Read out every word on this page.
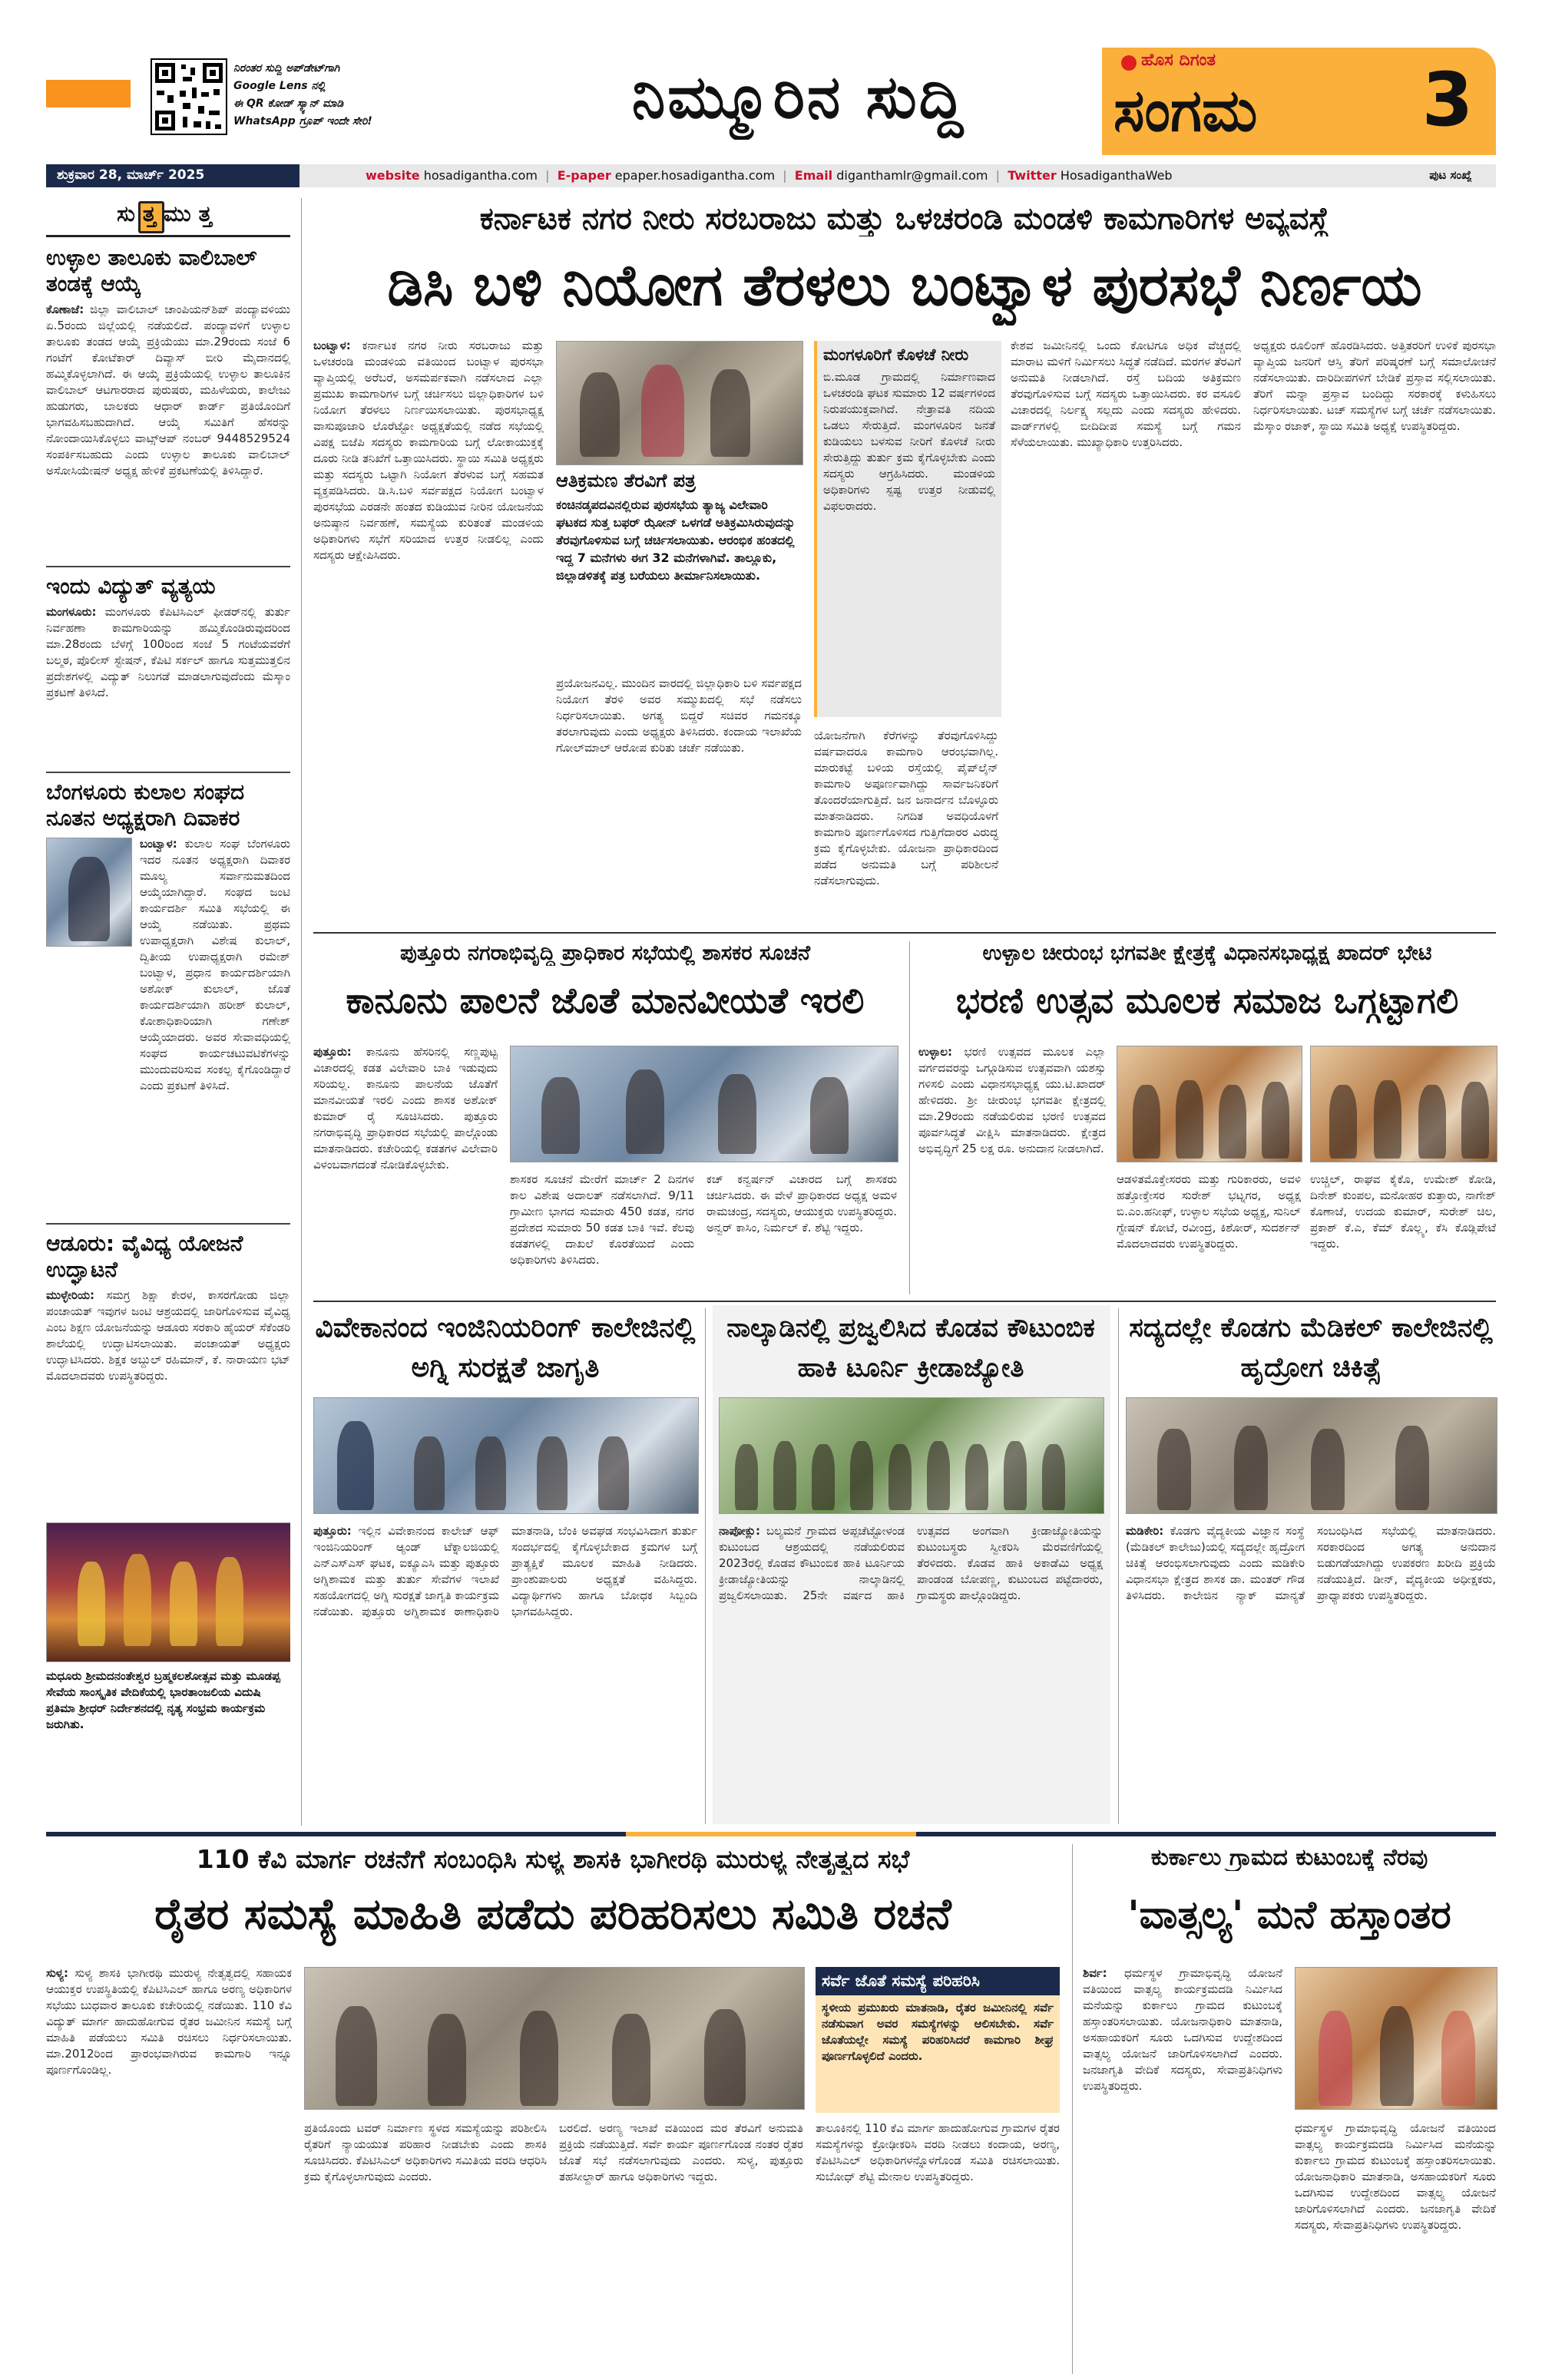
ನಿರಂತರ ಸುದ್ದಿ ಅಪ್‌ಡೇಟ್‌ಗಾಗಿ
Google Lens ನಲ್ಲಿ
ಈ QR ಕೋಡ್ ಸ್ಕ್ಯಾನ್ ಮಾಡಿ
WhatsApp ಗ್ರೂಪ್ ಇಂದೇ ಸೇರಿ!	ನಿಮ್ಮೂರಿನ ಸುದ್ದಿ
ಹೊಸ ದಿಗಂತ
ಸಂಗಮ	3
ಶುಕ್ರವಾರ 28, ಮಾರ್ಚ್ 2025	website hosadigantha.com  |  E-paper epaper.hosadigantha.com  |  Email diganthamlr@gmail.com  |  Twitter HosadiganthaWeb	ಪುಟ ಸಂಖ್ಯೆ
ಸುತ್ತಮುತ್ತ
ಉಳ್ಳಾಲ ತಾಲೂಕು ವಾಲಿಬಾಲ್ ತಂಡಕ್ಕೆ ಆಯ್ಕೆ
ಕೊಣಾಜೆ: ಜಿಲ್ಲಾ ವಾಲಿಬಾಲ್ ಚಾಂಪಿಯನ್‌ಶಿಪ್ ಪಂದ್ಯಾವಳಿಯು ಏ.5ರಂದು ಜಿಲ್ಲೆಯಲ್ಲಿ ನಡೆಯಲಿದೆ. ಪಂದ್ಯಾವಳಿಗೆ ಉಳ್ಳಾಲ ತಾಲೂಕು ತಂಡದ ಆಯ್ಕೆ ಪ್ರಕ್ರಿಯೆಯು ಮಾ.29ರಂದು ಸಂಜೆ 6 ಗಂಟೆಗೆ ಕೋಟೆಕಾರ್ ದಿವ್ಯಾಸ್ ಬೀರಿ ಮೈದಾನದಲ್ಲಿ ಹಮ್ಮಿಕೊಳ್ಳಲಾಗಿದೆ. ಈ ಆಯ್ಕೆ ಪ್ರಕ್ರಿಯೆಯಲ್ಲಿ ಉಳ್ಳಾಲ ತಾಲೂಕಿನ ವಾಲಿಬಾಲ್ ಆಟಗಾರರಾದ ಪುರುಷರು, ಮಹಿಳೆಯರು, ಕಾಲೇಜು ಹುಡುಗರು, ಬಾಲಕರು ಆಧಾರ್ ಕಾರ್ಡ್ ಪ್ರತಿಯೊಂದಿಗೆ ಭಾಗವಹಿಸಬಹುದಾಗಿದೆ. ಆಯ್ಕೆ ಸಮಿತಿಗೆ ಹೆಸರನ್ನು ನೋಂದಾಯಿಸಿಕೊಳ್ಳಲು ವಾಟ್ಸ್‌ಆಪ್ ನಂಬರ್ 9448529524 ಸಂಪರ್ಕಿಸಬಹುದು ಎಂದು ಉಳ್ಳಾಲ ತಾಲೂಕು ವಾಲಿಬಾಲ್ ಅಸೋಸಿಯೇಷನ್ ಅಧ್ಯಕ್ಷ ಹೇಳಿಕೆ ಪ್ರಕಟಣೆಯಲ್ಲಿ ತಿಳಿಸಿದ್ದಾರೆ.
ಇಂದು ವಿದ್ಯುತ್ ವ್ಯತ್ಯಯ
ಮಂಗಳೂರು: ಮಂಗಳೂರು ಕೆಪಿಟಿಸಿಎಲ್ ಫೀಡರ್‌ನಲ್ಲಿ ತುರ್ತು ನಿರ್ವಹಣಾ ಕಾಮಗಾರಿಯನ್ನು ಹಮ್ಮಿಕೊಂಡಿರುವುದರಿಂದ ಮಾ.28ರಂದು ಬೆಳಗ್ಗೆ 100ರಿಂದ ಸಂಜೆ 5 ಗಂಟೆಯವರೆಗೆ ಬಲ್ಮಠ, ಪೊಲೀಸ್ ಸ್ಟೇಷನ್, ಕೆಪಿಟಿ ಸರ್ಕಲ್ ಹಾಗೂ ಸುತ್ತಮುತ್ತಲಿನ ಪ್ರದೇಶಗಳಲ್ಲಿ ವಿದ್ಯುತ್ ನಿಲುಗಡೆ ಮಾಡಲಾಗುವುದೆಂದು ಮೆಸ್ಕಾಂ ಪ್ರಕಟಣೆ ತಿಳಿಸಿದೆ.
ಬೆಂಗಳೂರು ಕುಲಾಲ ಸಂಘದ ನೂತನ ಅಧ್ಯಕ್ಷರಾಗಿ ದಿವಾಕರ
ಬಂಟ್ವಾಳ: ಕುಲಾಲ ಸಂಘ ಬೆಂಗಳೂರು ಇದರ ನೂತನ ಅಧ್ಯಕ್ಷರಾಗಿ ದಿವಾಕರ ಮೂಲ್ಯ ಸರ್ವಾನುಮತದಿಂದ ಆಯ್ಕೆಯಾಗಿದ್ದಾರೆ. ಸಂಘದ ಜಂಟಿ ಕಾರ್ಯದರ್ಶಿ ಸಮಿತಿ ಸಭೆಯಲ್ಲಿ ಈ ಆಯ್ಕೆ ನಡೆಯಿತು. ಪ್ರಥಮ ಉಪಾಧ್ಯಕ್ಷರಾಗಿ ವಿಶೇಷ ಕುಲಾಲ್, ದ್ವಿತೀಯ ಉಪಾಧ್ಯಕ್ಷರಾಗಿ ರಮೇಶ್ ಬಂಟ್ವಾಳ, ಪ್ರಧಾನ ಕಾರ್ಯದರ್ಶಿಯಾಗಿ ಅಶೋಕ್ ಕುಲಾಲ್, ಜೊತೆ ಕಾರ್ಯದರ್ಶಿಯಾಗಿ ಹರೀಶ್ ಕುಲಾಲ್, ಕೋಶಾಧಿಕಾರಿಯಾಗಿ ಗಣೇಶ್ ಆಯ್ಕೆಯಾದರು. ಅವರ ಸೇವಾವಧಿಯಲ್ಲಿ ಸಂಘದ ಕಾರ್ಯಚಟುವಟಿಕೆಗಳನ್ನು ಮುಂದುವರಿಸುವ ಸಂಕಲ್ಪ ಕೈಗೊಂಡಿದ್ದಾರೆ ಎಂದು ಪ್ರಕಟಣೆ ತಿಳಿಸಿದೆ.
ಆಡೂರು: ವೈವಿಧ್ಯ ಯೋಜನೆ ಉದ್ಘಾಟನೆ
ಮುಳ್ಳೇರಿಯ: ಸಮಗ್ರ ಶಿಕ್ಷಾ ಕೇರಳ, ಕಾಸರಗೋಡು ಜಿಲ್ಲಾ ಪಂಚಾಯತ್ ಇವುಗಳ ಜಂಟಿ ಆಶ್ರಯದಲ್ಲಿ ಜಾರಿಗೊಳಿಸುವ ವೈವಿಧ್ಯ ಎಂಬ ಶಿಕ್ಷಣ ಯೋಜನೆಯನ್ನು ಆಡೂರು ಸರಕಾರಿ ಹೈಯರ್ ಸೆಕೆಂಡರಿ ಶಾಲೆಯಲ್ಲಿ ಉದ್ಘಾಟಿಸಲಾಯಿತು. ಪಂಚಾಯತ್ ಅಧ್ಯಕ್ಷರು ಉದ್ಘಾಟಿಸಿದರು. ಶಿಕ್ಷಕ ಅಬ್ದುಲ್ ರಹಿಮಾನ್, ಕೆ. ನಾರಾಯಣ ಭಟ್ ಮೊದಲಾದವರು ಉಪಸ್ಥಿತರಿದ್ದರು.
ಮಧೂರು ಶ್ರೀಮದನಂತೇಶ್ವರ ಬ್ರಹ್ಮಕಲಶೋತ್ಸವ ಮತ್ತು ಮೂಡಪ್ಪ ಸೇವೆಯ ಸಾಂಸ್ಕೃತಿಕ ವೇದಿಕೆಯಲ್ಲಿ ಭಾರತಾಂಜಲಿಯ ವಿದುಷಿ ಪ್ರತಿಮಾ ಶ್ರೀಧರ್ ನಿರ್ದೇಶನದಲ್ಲಿ ನೃತ್ಯ ಸಂಭ್ರಮ ಕಾರ್ಯಕ್ರಮ ಜರುಗಿತು.
ಕರ್ನಾಟಕ ನಗರ ನೀರು ಸರಬರಾಜು ಮತ್ತು ಒಳಚರಂಡಿ ಮಂಡಳಿ ಕಾಮಗಾರಿಗಳ ಅವ್ಯವಸ್ಥೆ
ಡಿಸಿ ಬಳಿ ನಿಯೋಗ ತೆರಳಲು ಬಂಟ್ವಾಳ ಪುರಸಭೆ ನಿರ್ಣಯ
ಬಂಟ್ವಾಳ: ಕರ್ನಾಟಕ ನಗರ ನೀರು ಸರಬರಾಜು ಮತ್ತು ಒಳಚರಂಡಿ ಮಂಡಳಿಯ ವತಿಯಿಂದ ಬಂಟ್ವಾಳ ಪುರಸಭಾ ವ್ಯಾಪ್ತಿಯಲ್ಲಿ ಅರೆಬರೆ, ಅಸಮರ್ಪಕವಾಗಿ ನಡೆಸಲಾದ ಎಲ್ಲಾ ಪ್ರಮುಖ ಕಾಮಗಾರಿಗಳ ಬಗ್ಗೆ ಚರ್ಚಿಸಲು ಜಿಲ್ಲಾಧಿಕಾರಿಗಳ ಬಳಿ ನಿಯೋಗ ತೆರಳಲು ನಿರ್ಣಯಿಸಲಾಯಿತು. ಪುರಸಭಾಧ್ಯಕ್ಷ ವಾಸುಪೂಜಾರಿ ಲೊರೆಟ್ಟೋ ಅಧ್ಯಕ್ಷತೆಯಲ್ಲಿ ನಡೆದ ಸಭೆಯಲ್ಲಿ ವಿಪಕ್ಷ ಬಿಜೆಪಿ ಸದಸ್ಯರು ಕಾಮಗಾರಿಯ ಬಗ್ಗೆ ಲೋಕಾಯುಕ್ತಕ್ಕೆ ದೂರು ನೀಡಿ ತನಿಖೆಗೆ ಒತ್ತಾಯಿಸಿದರು. ಸ್ಥಾಯಿ ಸಮಿತಿ ಅಧ್ಯಕ್ಷರು ಮತ್ತು ಸದಸ್ಯರು ಒಟ್ಟಾಗಿ ನಿಯೋಗ ತೆರಳುವ ಬಗ್ಗೆ ಸಹಮತ ವ್ಯಕ್ತಪಡಿಸಿದರು. ಡಿ.ಸಿ.ಬಳಿ ಸರ್ವಪಕ್ಷದ ನಿಯೋಗ ಬಂಟ್ವಾಳ ಪುರಸಭೆಯ ಎರಡನೇ ಹಂತದ ಕುಡಿಯುವ ನೀರಿನ ಯೋಜನೆಯ ಅನುಷ್ಠಾನ ನಿರ್ವಹಣೆ, ಸಮಸ್ಯೆಯ ಕುರಿತಂತೆ ಮಂಡಳಿಯ ಅಧಿಕಾರಿಗಳು ಸಭೆಗೆ ಸರಿಯಾದ ಉತ್ತರ ನೀಡಲಿಲ್ಲ ಎಂದು ಸದಸ್ಯರು ಆಕ್ಷೇಪಿಸಿದರು.
ಆತಿಕ್ರಮಣ ತೆರವಿಗೆ ಪತ್ರ
ಕಂಚಿನಡ್ಕಪದವಿನಲ್ಲಿರುವ ಪುರಸಭೆಯ ತ್ಯಾಜ್ಯ ವಿಲೇವಾರಿ ಘಟಕದ ಸುತ್ತ ಬಫರ್ ಝೋನ್ ಒಳಗಡೆ ಅತಿಕ್ರಮಿಸಿರುವುದನ್ನು ತೆರವುಗೊಳಿಸುವ ಬಗ್ಗೆ ಚರ್ಚಿಸಲಾಯಿತು. ಆರಂಭಿಕ ಹಂತದಲ್ಲಿ ಇದ್ದ 7 ಮನೆಗಳು ಈಗ 32 ಮನೆಗಳಾಗಿವೆ. ತಾಲ್ಲೂಕು, ಜಿಲ್ಲಾಡಳಿತಕ್ಕೆ ಪತ್ರ ಬರೆಯಲು ತೀರ್ಮಾನಿಸಲಾಯಿತು.
ಪ್ರಯೋಜನವಿಲ್ಲ. ಮುಂದಿನ ವಾರದಲ್ಲಿ ಜಿಲ್ಲಾಧಿಕಾರಿ ಬಳಿ ಸರ್ವಪಕ್ಷದ ನಿಯೋಗ ತೆರಳಿ ಅವರ ಸಮ್ಮುಖದಲ್ಲಿ ಸಭೆ ನಡೆಸಲು ನಿರ್ಧರಿಸಲಾಯಿತು. ಅಗತ್ಯ ಬಿದ್ದರೆ ಸಚಿವರ ಗಮನಕ್ಕೂ ತರಲಾಗುವುದು ಎಂದು ಅಧ್ಯಕ್ಷರು ತಿಳಿಸಿದರು. ಕಂದಾಯ ಇಲಾಖೆಯ ಗೋಲ್‌ಮಾಲ್ ಆರೋಪ ಕುರಿತು ಚರ್ಚೆ ನಡೆಯಿತು.
ಮಂಗಳೂರಿಗೆ ಕೊಳಚೆ ನೀರು
ಬಿ.ಮೂಡ ಗ್ರಾಮದಲ್ಲಿ ನಿರ್ಮಾಣವಾದ ಒಳಚರಂಡಿ ಘಟಕ ಸುಮಾರು 12 ವರ್ಷಗಳಿಂದ ನಿರುಪಯುಕ್ತವಾಗಿದೆ. ನೇತ್ರಾವತಿ ನದಿಯ ಒಡಲು ಸೇರುತ್ತಿದೆ. ಮಂಗಳೂರಿನ ಜನತೆ ಕುಡಿಯಲು ಬಳಸುವ ನೀರಿಗೆ ಕೊಳಚೆ ನೀರು ಸೇರುತ್ತಿದ್ದು ತುರ್ತು ಕ್ರಮ ಕೈಗೊಳ್ಳಬೇಕು ಎಂದು ಸದಸ್ಯರು ಆಗ್ರಹಿಸಿದರು. ಮಂಡಳಿಯ ಅಧಿಕಾರಿಗಳು ಸ್ಪಷ್ಟ ಉತ್ತರ ನೀಡುವಲ್ಲಿ ವಿಫಲರಾದರು.
ಯೋಜನೆಗಾಗಿ ಕೆರೆಗಳನ್ನು ತೆರವುಗೊಳಿಸಿದ್ದು ವರ್ಷವಾದರೂ ಕಾಮಗಾರಿ ಆರಂಭವಾಗಿಲ್ಲ. ಮಾರುಕಟ್ಟೆ ಬಳಿಯ ರಸ್ತೆಯಲ್ಲಿ ಪೈಪ್‌ಲೈನ್ ಕಾಮಗಾರಿ ಅಪೂರ್ಣವಾಗಿದ್ದು ಸಾರ್ವಜನಿಕರಿಗೆ ತೊಂದರೆಯಾಗುತ್ತಿದೆ. ಜನ ಜನಾರ್ದನ ಬೊಳ್ಳೂರು ಮಾತನಾಡಿದರು. ನಿಗದಿತ ಅವಧಿಯೊಳಗೆ ಕಾಮಗಾರಿ ಪೂರ್ಣಗೊಳಿಸದ ಗುತ್ತಿಗೆದಾರರ ವಿರುದ್ಧ ಕ್ರಮ ಕೈಗೊಳ್ಳಬೇಕು. ಯೋಜನಾ ಪ್ರಾಧಿಕಾರದಿಂದ ಪಡೆದ ಅನುಮತಿ ಬಗ್ಗೆ ಪರಿಶೀಲನೆ ನಡೆಸಲಾಗುವುದು.
ಕೇಶವ ಜಮೀನಿನಲ್ಲಿ ಒಂದು ಕೋಟಿಗೂ ಅಧಿಕ ವೆಚ್ಚದಲ್ಲಿ ಮಾರಾಟ ಮಳಿಗೆ ನಿರ್ಮಿಸಲು ಸಿದ್ಧತೆ ನಡೆದಿದೆ. ಮರಗಳ ತೆರವಿಗೆ ಅನುಮತಿ ನೀಡಲಾಗಿದೆ. ರಸ್ತೆ ಬದಿಯ ಅತಿಕ್ರಮಣ ತೆರವುಗೊಳಿಸುವ ಬಗ್ಗೆ ಸದಸ್ಯರು ಒತ್ತಾಯಿಸಿದರು. ಕರ ವಸೂಲಿ ವಿಚಾರದಲ್ಲಿ ನಿರ್ಲಕ್ಷ್ಯ ಸಲ್ಲದು ಎಂದು ಸದಸ್ಯರು ಹೇಳಿದರು. ವಾರ್ಡ್‌ಗಳಲ್ಲಿ ಬೀದಿದೀಪ ಸಮಸ್ಯೆ ಬಗ್ಗೆ ಗಮನ ಸೆಳೆಯಲಾಯಿತು. ಮುಖ್ಯಾಧಿಕಾರಿ ಉತ್ತರಿಸಿದರು.
ಅಧ್ಯಕ್ಷರು ರೂಲಿಂಗ್ ಹೊರಡಿಸಿದರು. ಅತ್ತಿತರರಿಗೆ ಉಳಿಕೆ ಪುರಸಭಾ ವ್ಯಾಪ್ತಿಯ ಜನರಿಗೆ ಆಸ್ತಿ ತೆರಿಗೆ ಪರಿಷ್ಕರಣೆ ಬಗ್ಗೆ ಸಮಾಲೋಚನೆ ನಡೆಸಲಾಯಿತು. ದಾರಿದೀಪಗಳಿಗೆ ಬೇಡಿಕೆ ಪ್ರಸ್ತಾವ ಸಲ್ಲಿಸಲಾಯಿತು. ತೆರಿಗೆ ಮನ್ನಾ ಪ್ರಸ್ತಾವ ಬಂದಿದ್ದು ಸರಕಾರಕ್ಕೆ ಕಳುಹಿಸಲು ನಿರ್ಧರಿಸಲಾಯಿತು. ಟಚ್ ಸಮಸ್ಯೆಗಳ ಬಗ್ಗೆ ಚರ್ಚೆ ನಡೆಸಲಾಯಿತು. ಮೆಸ್ಕಾಂ ರಜಾಕ್, ಸ್ಥಾಯಿ ಸಮಿತಿ ಅಧ್ಯಕ್ಷೆ ಉಪಸ್ಥಿತರಿದ್ದರು.
ಪುತ್ತೂರು ನಗರಾಭಿವೃದ್ಧಿ ಪ್ರಾಧಿಕಾರ ಸಭೆಯಲ್ಲಿ ಶಾಸಕರ ಸೂಚನೆ
ಕಾನೂನು ಪಾಲನೆ ಜೊತೆ ಮಾನವೀಯತೆ ಇರಲಿ
ಪುತ್ತೂರು: ಕಾನೂನು ಹೆಸರಿನಲ್ಲಿ ಸಣ್ಣಪುಟ್ಟ ವಿಚಾರದಲ್ಲಿ ಕಡತ ವಿಲೇವಾರಿ ಬಾಕಿ ಇಡುವುದು ಸರಿಯಲ್ಲ. ಕಾನೂನು ಪಾಲನೆಯ ಜೊತೆಗೆ ಮಾನವೀಯತೆ ಇರಲಿ ಎಂದು ಶಾಸಕ ಅಶೋಕ್ ಕುಮಾರ್ ರೈ ಸೂಚಿಸಿದರು. ಪುತ್ತೂರು ನಗರಾಭಿವೃದ್ಧಿ ಪ್ರಾಧಿಕಾರದ ಸಭೆಯಲ್ಲಿ ಪಾಲ್ಗೊಂಡು ಮಾತನಾಡಿದರು. ಕಚೇರಿಯಲ್ಲಿ ಕಡತಗಳ ವಿಲೇವಾರಿ ವಿಳಂಬವಾಗದಂತೆ ನೋಡಿಕೊಳ್ಳಬೇಕು.
ಶಾಸಕರ ಸೂಚನೆ ಮೇರೆಗೆ ಮಾರ್ಚ್ 2 ದಿನಗಳ ಕಾಲ ವಿಶೇಷ ಅದಾಲತ್ ನಡೆಸಲಾಗಿದೆ. 9/11 ಗ್ರಾಮೀಣ ಭಾಗದ ಸುಮಾರು 450 ಕಡತ, ನಗರ ಪ್ರದೇಶದ ಸುಮಾರು 50 ಕಡತ ಬಾಕಿ ಇವೆ. ಕೆಲವು ಕಡತಗಳಲ್ಲಿ ದಾಖಲೆ ಕೊರತೆಯಿದೆ ಎಂದು ಅಧಿಕಾರಿಗಳು ತಿಳಿಸಿದರು.
ಕಚ್ ಕನ್ವರ್ಷನ್ ವಿಚಾರದ ಬಗ್ಗೆ ಶಾಸಕರು ಚರ್ಚಿಸಿದರು. ಈ ವೇಳೆ ಪ್ರಾಧಿಕಾರದ ಅಧ್ಯಕ್ಷ ಅಮಳ ರಾಮಚಂದ್ರ, ಸದಸ್ಯರು, ಆಯುಕ್ತರು ಉಪಸ್ಥಿತರಿದ್ದರು. ಅನ್ವರ್ ಕಾಸಿಂ, ನಿರ್ಮಲ್ ಕೆ. ಶೆಟ್ಟಿ ಇದ್ದರು.
ಉಳ್ಳಾಲ ಚೀರುಂಭ ಭಗವತೀ ಕ್ಷೇತ್ರಕ್ಕೆ ವಿಧಾನಸಭಾಧ್ಯಕ್ಷ ಖಾದರ್ ಭೇಟಿ
ಭರಣಿ ಉತ್ಸವ ಮೂಲಕ ಸಮಾಜ ಒಗ್ಗಟ್ಟಾಗಲಿ
ಉಳ್ಳಾಲ: ಭರಣಿ ಉತ್ಸವದ ಮೂಲಕ ಎಲ್ಲಾ ವರ್ಗದವರನ್ನು ಒಗ್ಗೂಡಿಸುವ ಉತ್ಸವವಾಗಿ ಯಶಸ್ಸು ಗಳಿಸಲಿ ಎಂದು ವಿಧಾನಸಭಾಧ್ಯಕ್ಷ ಯು.ಟಿ.ಖಾದರ್ ಹೇಳಿದರು. ಶ್ರೀ ಚೀರುಂಭ ಭಗವತೀ ಕ್ಷೇತ್ರದಲ್ಲಿ ಮಾ.29ರಂದು ನಡೆಯಲಿರುವ ಭರಣಿ ಉತ್ಸವದ ಪೂರ್ವಸಿದ್ಧತೆ ವೀಕ್ಷಿಸಿ ಮಾತನಾಡಿದರು. ಕ್ಷೇತ್ರದ ಅಭಿವೃದ್ಧಿಗೆ 25 ಲಕ್ಷ ರೂ. ಅನುದಾನ ನೀಡಲಾಗಿದೆ.
ಆಡಳಿತಮೊಕ್ತೇಸರರು ಮತ್ತು ಗುರಿಕಾರರು, ಅವಳಿ ಹತ್ತೋಕ್ತೇಸರ ಸುರೇಶ್ ಭಟ್ನಗರ, ಅಧ್ಯಕ್ಷ ಬಿ.ಎಂ.ಹನೀಫ್, ಉಳ್ಳಾಲ ಸಭೆಯ ಅಧ್ಯಕ್ಷ, ಸುನಿಲ್ ಗ್ಟೇಷನ್ ಕೋಟೆ, ರವೀಂದ್ರ, ಕಿಶೋರ್, ಸುದರ್ಶನ್ ಮೊದಲಾದವರು ಉಪಸ್ಥಿತರಿದ್ದರು.
ಉಚ್ಚಿಲ್, ರಾಘವ ಕೈಕೊ, ಉಮೇಶ್ ಕೋಡಿ, ದಿನೇಶ್ ಕುಂಪಲ, ಮನೋಹರ ಕುತ್ತಾರು, ನಾಗೇಶ್ ಕೊಣಾಜೆ, ಉದಯ ಕುಮಾರ್, ಸುರೇಶ್ ಚಿಲ, ಪ್ರಕಾಶ್ ಕೆ.ಎ, ಕೆಮ್ ಕೊಲ್ಲ್ಯ, ಕೆಸಿ ಕೊಡ್ಲಿಪೇಟೆ ಇದ್ದರು.
ವಿವೇಕಾನಂದ ಇಂಜಿನಿಯರಿಂಗ್ ಕಾಲೇಜಿನಲ್ಲಿ ಅಗ್ನಿ ಸುರಕ್ಷತೆ ಜಾಗೃತಿ
ಪುತ್ತೂರು: ಇಲ್ಲಿನ ವಿವೇಕಾನಂದ ಕಾಲೇಜ್ ಆಫ್ ಇಂಜಿನಿಯರಿಂಗ್ ಆ್ಯಂಡ್ ಟೆಕ್ನಾಲಜಿಯಲ್ಲಿ ಎನ್‌ಎಸ್‌ಎಸ್ ಘಟಕ, ಐಕ್ಯೂಎಸಿ ಮತ್ತು ಪುತ್ತೂರು ಅಗ್ನಿಶಾಮಕ ಮತ್ತು ತುರ್ತು ಸೇವೆಗಳ ಇಲಾಖೆ ಸಹಯೋಗದಲ್ಲಿ ಅಗ್ನಿ ಸುರಕ್ಷತೆ ಜಾಗೃತಿ ಕಾರ್ಯಕ್ರಮ ನಡೆಯಿತು. ಪುತ್ತೂರು ಅಗ್ನಿಶಾಮಕ ಠಾಣಾಧಿಕಾರಿ ಮಾತನಾಡಿ, ಬೆಂಕಿ ಅವಘಡ ಸಂಭವಿಸಿದಾಗ ತುರ್ತು ಸಂದರ್ಭದಲ್ಲಿ ಕೈಗೊಳ್ಳಬೇಕಾದ ಕ್ರಮಗಳ ಬಗ್ಗೆ ಪ್ರಾತ್ಯಕ್ಷಿಕೆ ಮೂಲಕ ಮಾಹಿತಿ ನೀಡಿದರು. ಪ್ರಾಂಶುಪಾಲರು ಅಧ್ಯಕ್ಷತೆ ವಹಿಸಿದ್ದರು. ವಿದ್ಯಾರ್ಥಿಗಳು ಹಾಗೂ ಬೋಧಕ ಸಿಬ್ಬಂದಿ ಭಾಗವಹಿಸಿದ್ದರು.
ನಾಲ್ಕಾಡಿನಲ್ಲಿ ಪ್ರಜ್ವಲಿಸಿದ ಕೊಡವ ಕೌಟುಂಬಿಕ ಹಾಕಿ ಟೂರ್ನಿ ಕ್ರೀಡಾಜ್ಯೋತಿ
ನಾಪೋಕ್ಲು: ಬಲ್ಯಮನೆ ಗ್ರಾಮದ ಅಪ್ಪಚೆಟ್ಟೋಳಂಡ ಕುಟುಂಬದ ಆಶ್ರಯದಲ್ಲಿ ನಡೆಯಲಿರುವ 2023ರಲ್ಲಿ ಕೊಡವ ಕೌಟುಂಬಿಕ ಹಾಕಿ ಟೂರ್ನಿಯ ಕ್ರೀಡಾಜ್ಯೋತಿಯನ್ನು ನಾಲ್ಕಾಡಿನಲ್ಲಿ ಪ್ರಜ್ವಲಿಸಲಾಯಿತು. 25ನೇ ವರ್ಷದ ಹಾಕಿ ಉತ್ಸವದ ಅಂಗವಾಗಿ ಕ್ರೀಡಾಜ್ಯೋತಿಯನ್ನು ಕುಟುಂಬಸ್ಥರು ಸ್ವೀಕರಿಸಿ ಮೆರವಣಿಗೆಯಲ್ಲಿ ತೆರಳಿದರು. ಕೊಡವ ಹಾಕಿ ಅಕಾಡೆಮಿ ಅಧ್ಯಕ್ಷ ಪಾಂಡಂಡ ಬೋಪಣ್ಣ, ಕುಟುಂಬದ ಪಟ್ಟೆದಾರರು, ಗ್ರಾಮಸ್ಥರು ಪಾಲ್ಗೊಂಡಿದ್ದರು.
ಸದ್ಯದಲ್ಲೇ ಕೊಡಗು ಮೆಡಿಕಲ್ ಕಾಲೇಜಿನಲ್ಲಿ ಹೃದ್ರೋಗ ಚಿಕಿತ್ಸೆ
ಮಡಿಕೇರಿ: ಕೊಡಗು ವೈದ್ಯಕೀಯ ವಿಜ್ಞಾನ ಸಂಸ್ಥೆ (ಮೆಡಿಕಲ್ ಕಾಲೇಜು)ಯಲ್ಲಿ ಸದ್ಯದಲ್ಲೇ ಹೃದ್ರೋಗ ಚಿಕಿತ್ಸೆ ಆರಂಭಿಸಲಾಗುವುದು ಎಂದು ಮಡಿಕೇರಿ ವಿಧಾನಸಭಾ ಕ್ಷೇತ್ರದ ಶಾಸಕ ಡಾ. ಮಂತರ್ ಗೌಡ ತಿಳಿಸಿದರು. ಕಾಲೇಜಿನ ನ್ಯಾಕ್ ಮಾನ್ಯತೆ ಸಂಬಂಧಿಸಿದ ಸಭೆಯಲ್ಲಿ ಮಾತನಾಡಿದರು. ಸರಕಾರದಿಂದ ಅಗತ್ಯ ಅನುದಾನ ಬಿಡುಗಡೆಯಾಗಿದ್ದು ಉಪಕರಣ ಖರೀದಿ ಪ್ರಕ್ರಿಯೆ ನಡೆಯುತ್ತಿದೆ. ಡೀನ್, ವೈದ್ಯಕೀಯ ಅಧೀಕ್ಷಕರು, ಪ್ರಾಧ್ಯಾಪಕರು ಉಪಸ್ಥಿತರಿದ್ದರು.
110 ಕೆವಿ ಮಾರ್ಗ ರಚನೆಗೆ ಸಂಬಂಧಿಸಿ ಸುಳ್ಯ ಶಾಸಕಿ ಭಾಗೀರಥಿ ಮುರುಳ್ಯ ನೇತೃತ್ವದ ಸಭೆ
ರೈತರ ಸಮಸ್ಯೆ ಮಾಹಿತಿ ಪಡೆದು ಪರಿಹರಿಸಲು ಸಮಿತಿ ರಚನೆ
ಸುಳ್ಯ: ಸುಳ್ಯ ಶಾಸಕಿ ಭಾಗೀರಥಿ ಮುರುಳ್ಯ ನೇತೃತ್ವದಲ್ಲಿ ಸಹಾಯಕ ಆಯುಕ್ತರ ಉಪಸ್ಥಿತಿಯಲ್ಲಿ ಕೆಪಿಟಿಸಿಎಲ್ ಹಾಗೂ ಅರಣ್ಯ ಅಧಿಕಾರಿಗಳ ಸಭೆಯು ಬುಧವಾರ ತಾಲೂಕು ಕಚೇರಿಯಲ್ಲಿ ನಡೆಯಿತು. 110 ಕೆವಿ ವಿದ್ಯುತ್ ಮಾರ್ಗ ಹಾದುಹೋಗುವ ರೈತರ ಜಮೀನಿನ ಸಮಸ್ಯೆ ಬಗ್ಗೆ ಮಾಹಿತಿ ಪಡೆಯಲು ಸಮಿತಿ ರಚಿಸಲು ನಿರ್ಧರಿಸಲಾಯಿತು. ಮಾ.2012ರಿಂದ ಪ್ರಾರಂಭವಾಗಿರುವ ಕಾಮಗಾರಿ ಇನ್ನೂ ಪೂರ್ಣಗೊಂಡಿಲ್ಲ.
ಪ್ರತಿಯೊಂದು ಟವರ್ ನಿರ್ಮಾಣ ಸ್ಥಳದ ಸಮಸ್ಯೆಯನ್ನು ಪರಿಶೀಲಿಸಿ ರೈತರಿಗೆ ನ್ಯಾಯಯುತ ಪರಿಹಾರ ನೀಡಬೇಕು ಎಂದು ಶಾಸಕಿ ಸೂಚಿಸಿದರು. ಕೆಪಿಟಿಸಿಎಲ್ ಅಧಿಕಾರಿಗಳು ಸಮಿತಿಯ ವರದಿ ಆಧರಿಸಿ ಕ್ರಮ ಕೈಗೊಳ್ಳಲಾಗುವುದು ಎಂದರು.
ಬರಲಿದೆ. ಅರಣ್ಯ ಇಲಾಖೆ ವತಿಯಿಂದ ಮರ ತೆರವಿಗೆ ಅನುಮತಿ ಪ್ರಕ್ರಿಯೆ ನಡೆಯುತ್ತಿದೆ. ಸರ್ವೆ ಕಾರ್ಯ ಪೂರ್ಣಗೊಂಡ ನಂತರ ರೈತರ ಜೊತೆ ಸಭೆ ನಡೆಸಲಾಗುವುದು ಎಂದರು. ಸುಳ್ಯ, ಪುತ್ತೂರು ತಹಸೀಲ್ದಾರ್ ಹಾಗೂ ಅಧಿಕಾರಿಗಳು ಇದ್ದರು.
ಸರ್ವೆ ಜೊತೆ ಸಮಸ್ಯೆ ಪರಿಹರಿಸಿ
ಸ್ಥಳೀಯ ಪ್ರಮುಖರು ಮಾತನಾಡಿ, ರೈತರ ಜಮೀನಿನಲ್ಲಿ ಸರ್ವೆ ನಡೆಸುವಾಗ ಅವರ ಸಮಸ್ಯೆಗಳನ್ನು ಆಲಿಸಬೇಕು. ಸರ್ವೆ ಜೊತೆಯಲ್ಲೇ ಸಮಸ್ಯೆ ಪರಿಹರಿಸಿದರೆ ಕಾಮಗಾರಿ ಶೀಘ್ರ ಪೂರ್ಣಗೊಳ್ಳಲಿದೆ ಎಂದರು.
ತಾಲೂಕಿನಲ್ಲಿ 110 ಕೆವಿ ಮಾರ್ಗ ಹಾದುಹೋಗುವ ಗ್ರಾಮಗಳ ರೈತರ ಸಮಸ್ಯೆಗಳನ್ನು ಕ್ರೋಢೀಕರಿಸಿ ವರದಿ ನೀಡಲು ಕಂದಾಯ, ಅರಣ್ಯ, ಕೆಪಿಟಿಸಿಎಲ್ ಅಧಿಕಾರಿಗಳನ್ನೊಳಗೊಂಡ ಸಮಿತಿ ರಚಿಸಲಾಯಿತು. ಸುಬೋಧ್ ಶೆಟ್ಟಿ ಮೇನಾಲ ಉಪಸ್ಥಿತರಿದ್ದರು.
ಕುರ್ಕಾಲು ಗ್ರಾಮದ ಕುಟುಂಬಕ್ಕೆ ನೆರವು
'ವಾತ್ಸಲ್ಯ' ಮನೆ ಹಸ್ತಾಂತರ
ಶಿರ್ವ: ಧರ್ಮಸ್ಥಳ ಗ್ರಾಮಾಭಿವೃದ್ಧಿ ಯೋಜನೆ ವತಿಯಿಂದ ವಾತ್ಸಲ್ಯ ಕಾರ್ಯಕ್ರಮದಡಿ ನಿರ್ಮಿಸಿದ ಮನೆಯನ್ನು ಕುರ್ಕಾಲು ಗ್ರಾಮದ ಕುಟುಂಬಕ್ಕೆ ಹಸ್ತಾಂತರಿಸಲಾಯಿತು. ಯೋಜನಾಧಿಕಾರಿ ಮಾತನಾಡಿ, ಅಸಹಾಯಕರಿಗೆ ಸೂರು ಒದಗಿಸುವ ಉದ್ದೇಶದಿಂದ ವಾತ್ಸಲ್ಯ ಯೋಜನೆ ಜಾರಿಗೊಳಿಸಲಾಗಿದೆ ಎಂದರು. ಜನಜಾಗೃತಿ ವೇದಿಕೆ ಸದಸ್ಯರು, ಸೇವಾಪ್ರತಿನಿಧಿಗಳು ಉಪಸ್ಥಿತರಿದ್ದರು.
ಧರ್ಮಸ್ಥಳ ಗ್ರಾಮಾಭಿವೃದ್ಧಿ ಯೋಜನೆ ವತಿಯಿಂದ ವಾತ್ಸಲ್ಯ ಕಾರ್ಯಕ್ರಮದಡಿ ನಿರ್ಮಿಸಿದ ಮನೆಯನ್ನು ಕುರ್ಕಾಲು ಗ್ರಾಮದ ಕುಟುಂಬಕ್ಕೆ ಹಸ್ತಾಂತರಿಸಲಾಯಿತು. ಯೋಜನಾಧಿಕಾರಿ ಮಾತನಾಡಿ, ಅಸಹಾಯಕರಿಗೆ ಸೂರು ಒದಗಿಸುವ ಉದ್ದೇಶದಿಂದ ವಾತ್ಸಲ್ಯ ಯೋಜನೆ ಜಾರಿಗೊಳಿಸಲಾಗಿದೆ ಎಂದರು. ಜನಜಾಗೃತಿ ವೇದಿಕೆ ಸದಸ್ಯರು, ಸೇವಾಪ್ರತಿನಿಧಿಗಳು ಉಪಸ್ಥಿತರಿದ್ದರು.
